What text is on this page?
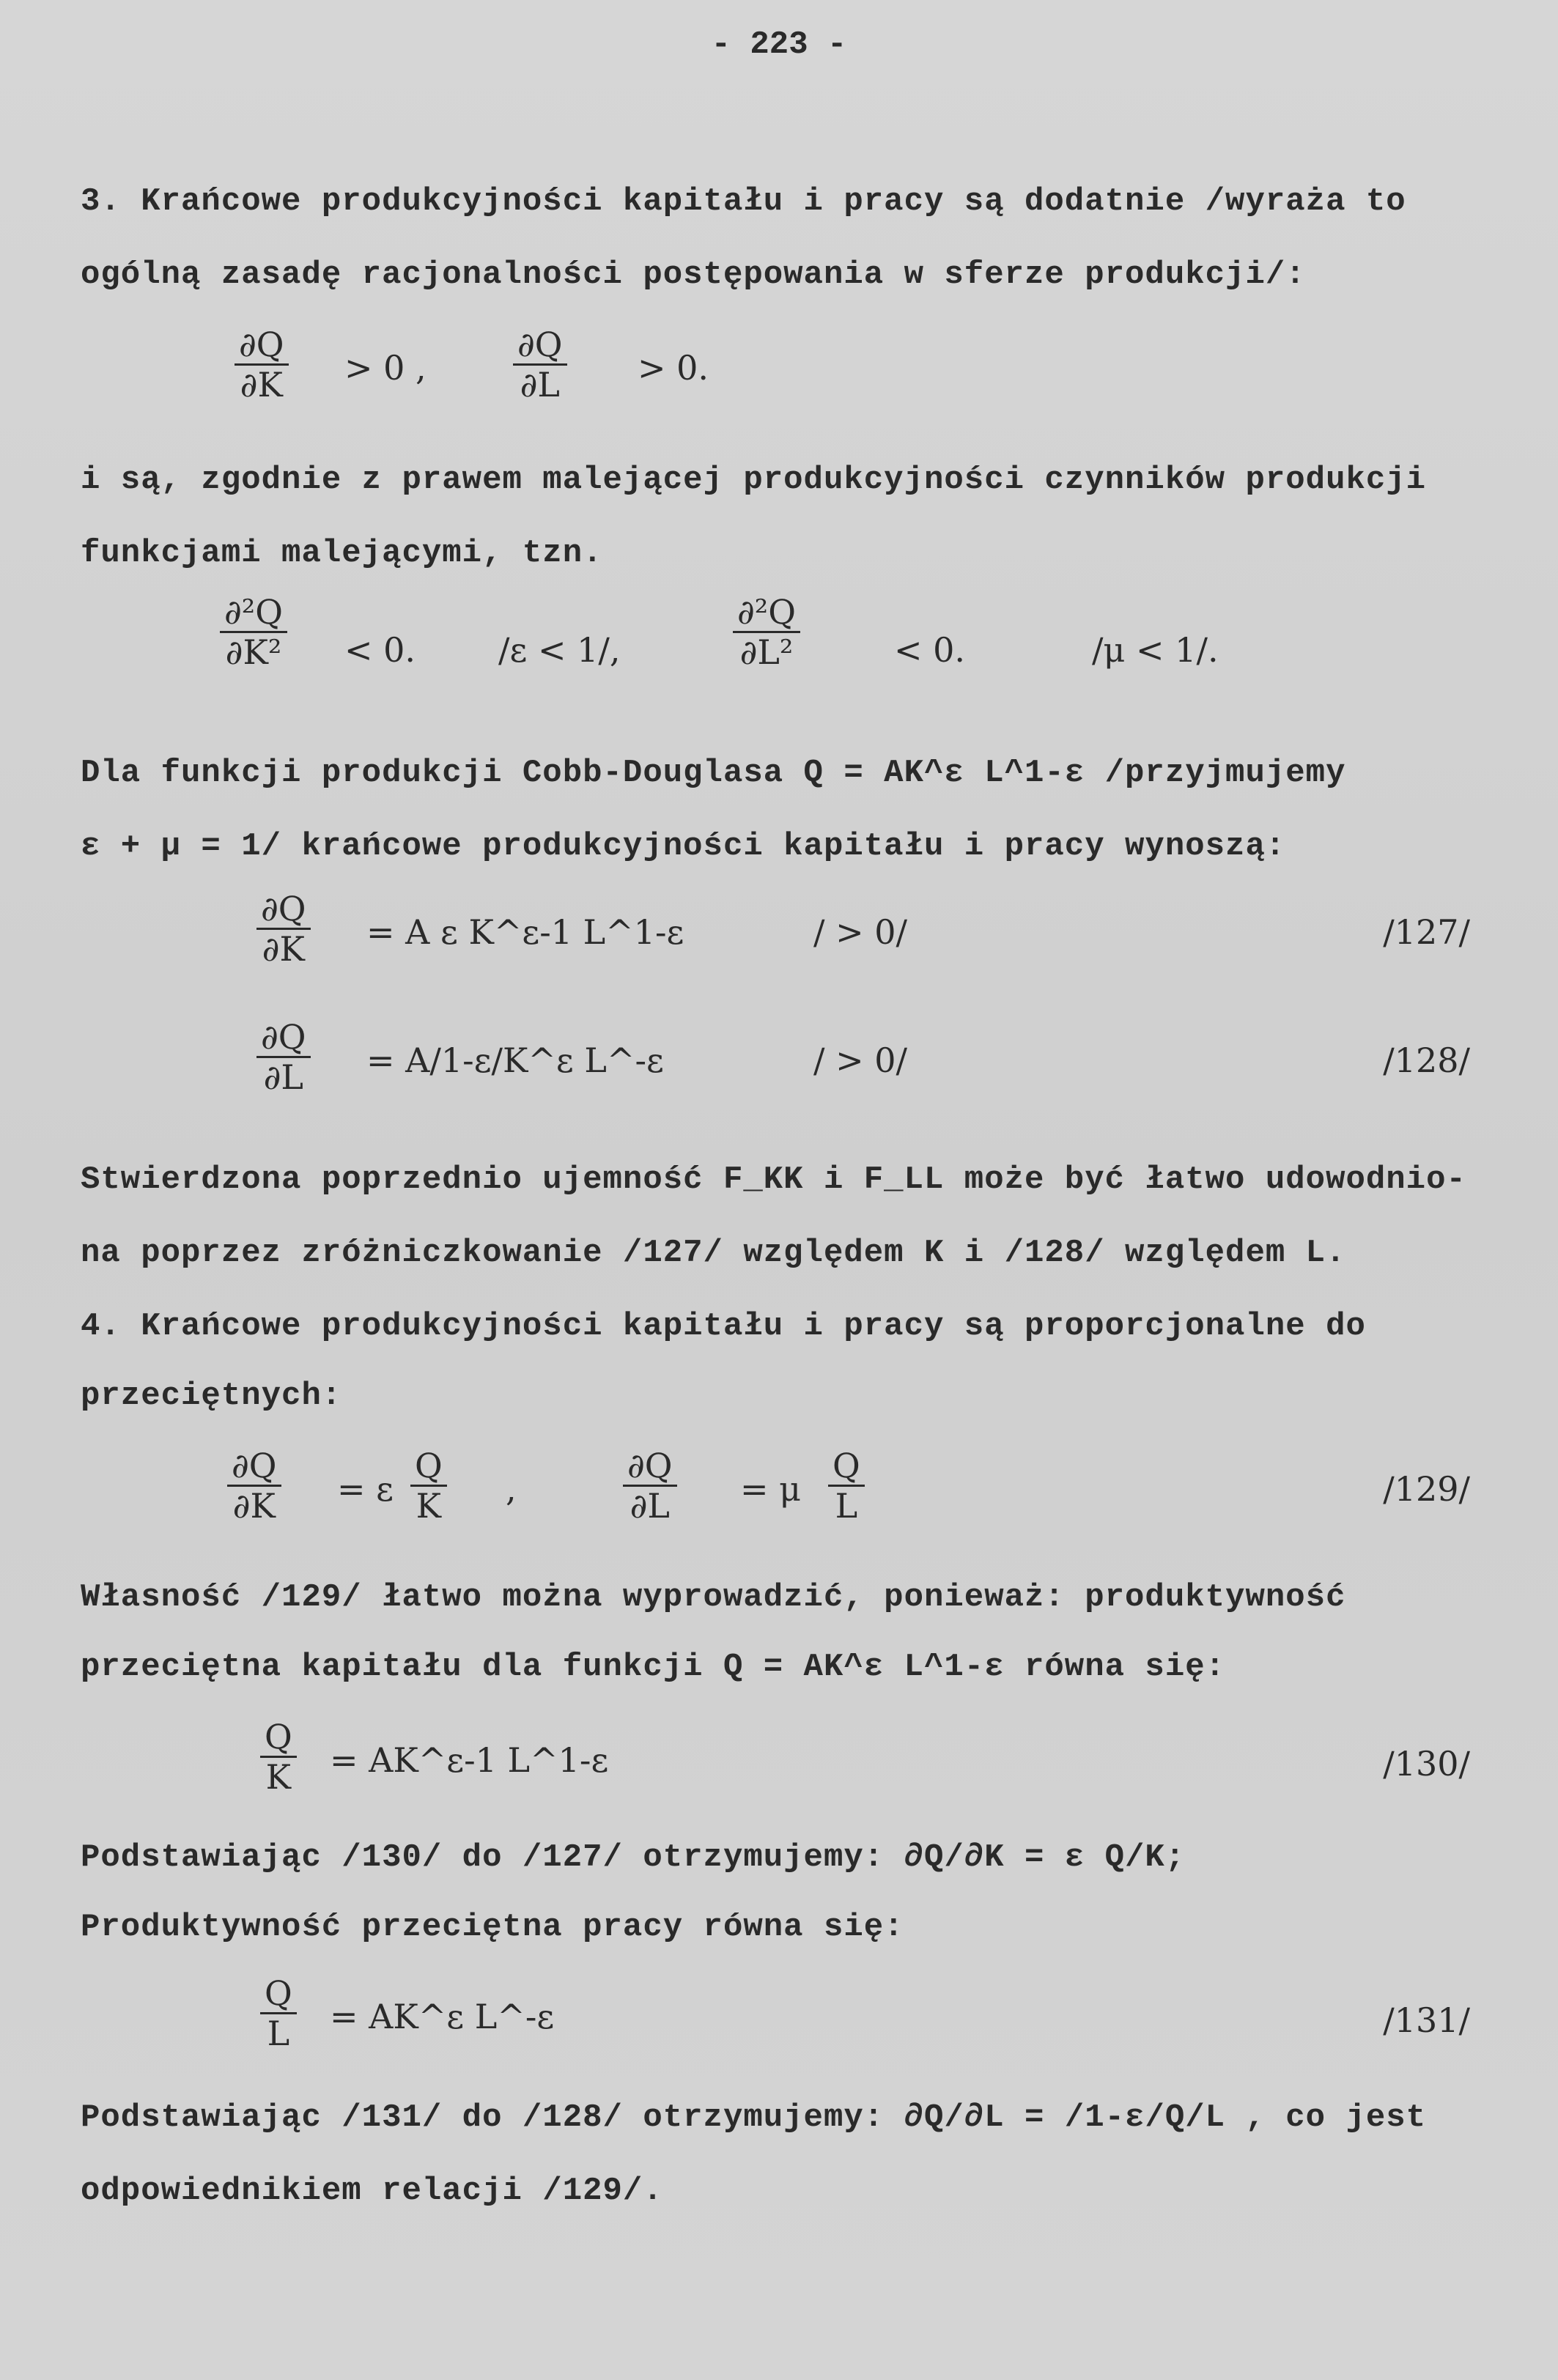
- 223 -
3. Krańcowe produkcyjności kapitału i pracy są dodatnie /wyraża to
ogólną zasadę racjonalności postępowania w sferze produkcji/:
$\frac{\partial Q}{\partial K} > 0$ ,	$\frac{\partial Q}{\partial L} > 0$.
i są, zgodnie z prawem malejącej produkcyjności czynników produkcji
funkcjami malejącymi, tzn.
$\frac{\text{∂²Q}}{\text{∂K²}} < 0$. /ε < 1/,	$\frac{\text{∂²Q}}{\text{∂L²}}$	< 0.	/μ < 1/.
Dla funkcji produkcji Cobb-Douglasa Q = AK^ε L^1-ε /przyjmujemy
ε + μ = 1/ krańcowe produkcyjności kapitału i pracy wynoszą:
$\frac{\partial Q}{\partial K} = A$ ε K^ε-1 L^1-ε	/ > 0/	/127/
$\frac{\partial Q}{\partial L}$ = A/1-ε/K^ε L^-ε	/ > 0/	/128/
Stwierdzona poprzednio ujemność F_KK i F_LL może być łatwo udowodnio-
na poprzez zróżniczkowanie /127/ względem K i /128/ względem L.
4. Krańcowe produkcyjności kapitału i pracy są proporcjonalne do
przeciętnych:
$\frac{\partial Q}{\partial K} = \varepsilon \frac{Q}{K}$ ,	$\frac{\partial Q}{\partial L} = \mu \frac{Q}{L}$	/129/
Własność /129/ łatwo można wyprowadzić, ponieważ: produktywność
przeciętna kapitału dla funkcji Q = AK^ε L^1-ε równa się:
$\frac{Q}{K}$ = AK^ε-1 L^1-ε	/130/
Podstawiając /130/ do /127/ otrzymujemy: ∂Q/∂K = ε Q/K;
Produktywność przeciętna pracy równa się:
$\frac{Q}{L}$ = AK^ε L^-ε	/131/
Podstawiając /131/ do /128/ otrzymujemy: ∂Q/∂L = /1-ε/Q/L , co jest
odpowiednikiem relacji /129/.
